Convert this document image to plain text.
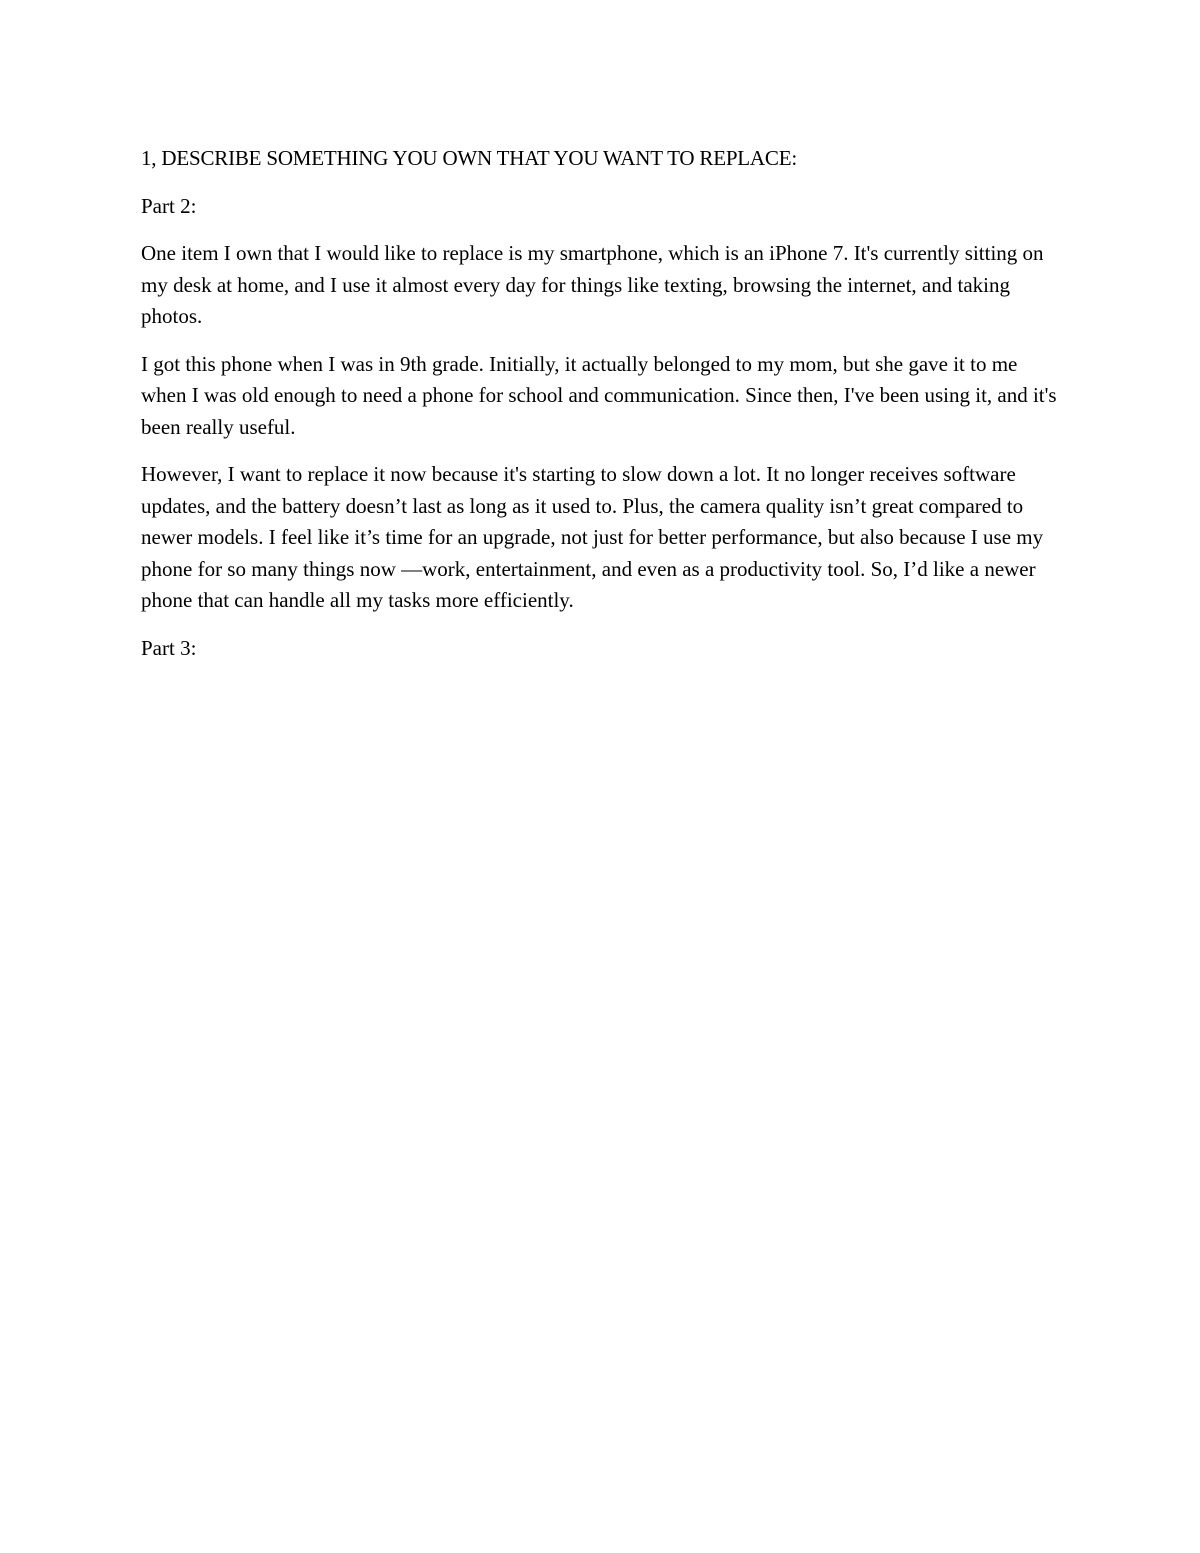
1, DESCRIBE SOMETHING YOU OWN THAT YOU WANT TO REPLACE:

Part 2:

One item I own that I would like to replace is my smartphone, which is an iPhone 7. It's currently sitting on my desk at home, and I use it almost every day for things like texting, browsing the internet, and taking photos.

I got this phone when I was in 9th grade. Initially, it actually belonged to my mom, but she gave it to me when I was old enough to need a phone for school and communication. Since then, I've been using it, and it's been really useful.

However, I want to replace it now because it's starting to slow down a lot. It no longer receives software updates, and the battery doesn’t last as long as it used to. Plus, the camera quality isn’t great compared to newer models. I feel like it’s time for an upgrade, not just for better performance, but also because I use my phone for so many things now —work, entertainment, and even as a productivity tool. So, I’d like a newer phone that can handle all my tasks more efficiently.

Part 3:
